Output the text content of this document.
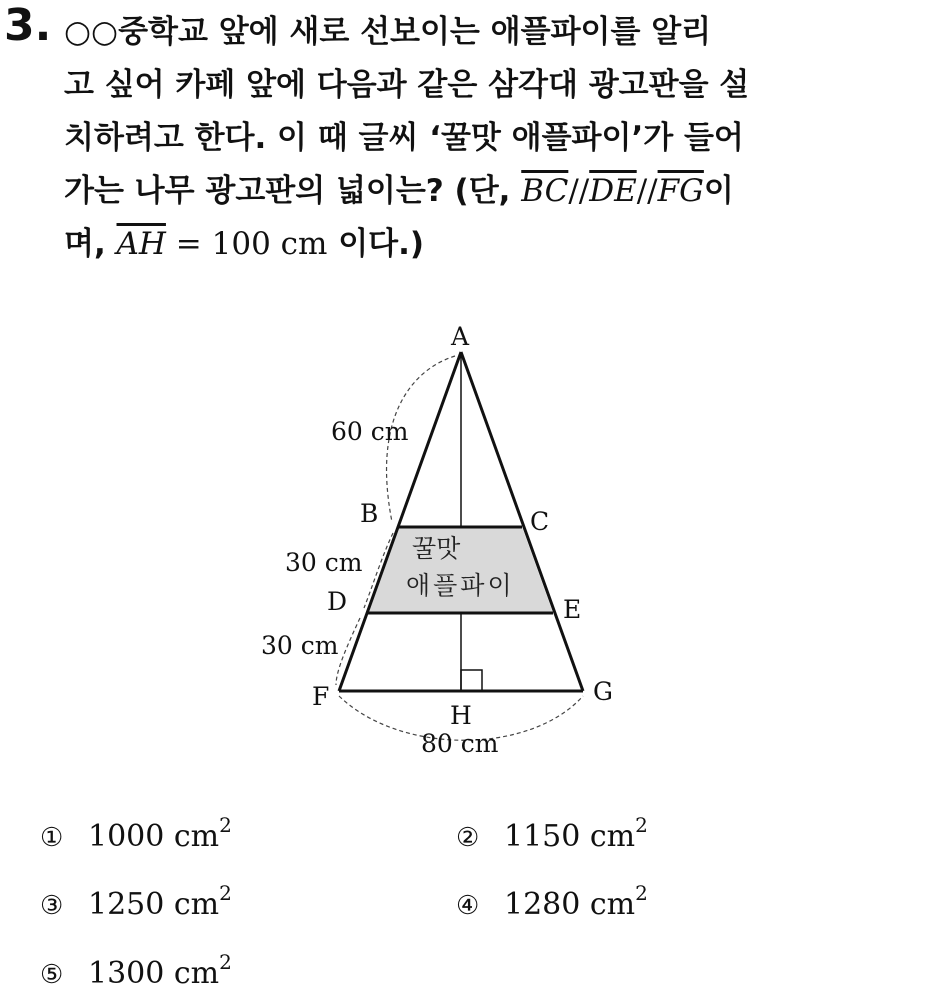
3. ○○중학교 앞에 새로 선보이는 애플파이를 알리
고 싶어 카페 앞에 다음과 같은 삼각대 광고판을 설
치하려고 한다. 이 때 글씨 ‘꿀맛 애플파이’가 들어
가는 나무 광고판의 넓이는? (단, $\overline{BC}//\overline{DE}//\overline{FG}$이
며, $\overline{AH} = 100$ cm 이다.)
A
B	C
D	E
F	G
H
60 cm
30 cm
30 cm
80 cm
꿀맛
애플파이
① 1000 $cm^2$	② 1150 $cm^2$
③ 1250 $cm^2$	④ 1280 $cm^2$
⑤ 1300 $cm^2$
